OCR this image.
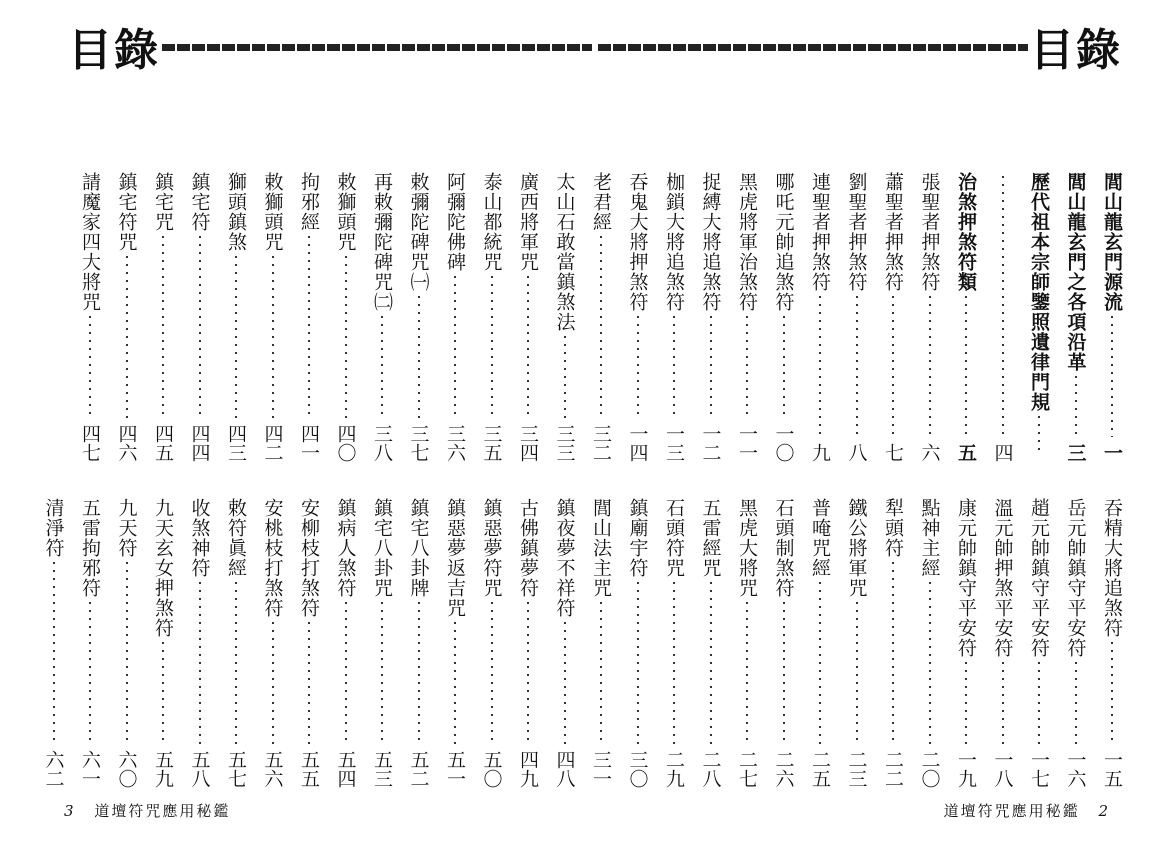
目錄	目錄
閭山龍玄門源流
一
閭山龍玄門之各項沿革
三
歷代祖本宗師鑒照遺律門規
四
治煞押煞符類
五
張聖者押煞符
六
蕭聖者押煞符
七
劉聖者押煞符
八
連聖者押煞符
九
哪吒元帥追煞符
一〇
黑虎將軍治煞符
一一
捉縛大將追煞符
一二
枷鎖大將追煞符
一三
吞鬼大將押煞符
一四
老君經
三二
太山石敢當鎮煞法
三三
廣西將軍咒
三四
泰山都統咒
三五
阿彌陀佛碑
三六
敕彌陀碑咒㈠
三七
再敕彌陀碑咒㈡
三八
敕獅頭咒
四〇
拘邪經
四一
敕獅頭咒
四二
獅頭鎮煞
四三
鎮宅符
四四
鎮宅咒
四五
鎮宅符咒
四六
請魔家四大將咒
四七
吞精大將追煞符
一五
岳元帥鎮守平安符
一六
趙元帥鎮守平安符
一七
溫元帥押煞平安符
一八
康元帥鎮守平安符
一九
點神主經
二〇
犁頭符
二二
鐵公將軍咒
二三
普唵咒經
二五
石頭制煞符
二六
黑虎大將咒
二七
五雷經咒
二八
石頭符咒
二九
鎮廟宇符
三〇
閭山法主咒
三一
鎮夜夢不祥符
四八
古佛鎮夢符
四九
鎮惡夢符咒
五〇
鎮惡夢返吉咒
五一
鎮宅八卦牌
五二
鎮宅八卦咒
五三
鎮病人煞符
五四
安柳枝打煞符
五五
安桃枝打煞符
五六
敕符眞經
五七
收煞神符
五八
九天玄女押煞符
五九
九天符
六〇
五雷拘邪符
六一
清淨符
六二
3 道壇符咒應用秘鑑	道壇符咒應用秘鑑 2
